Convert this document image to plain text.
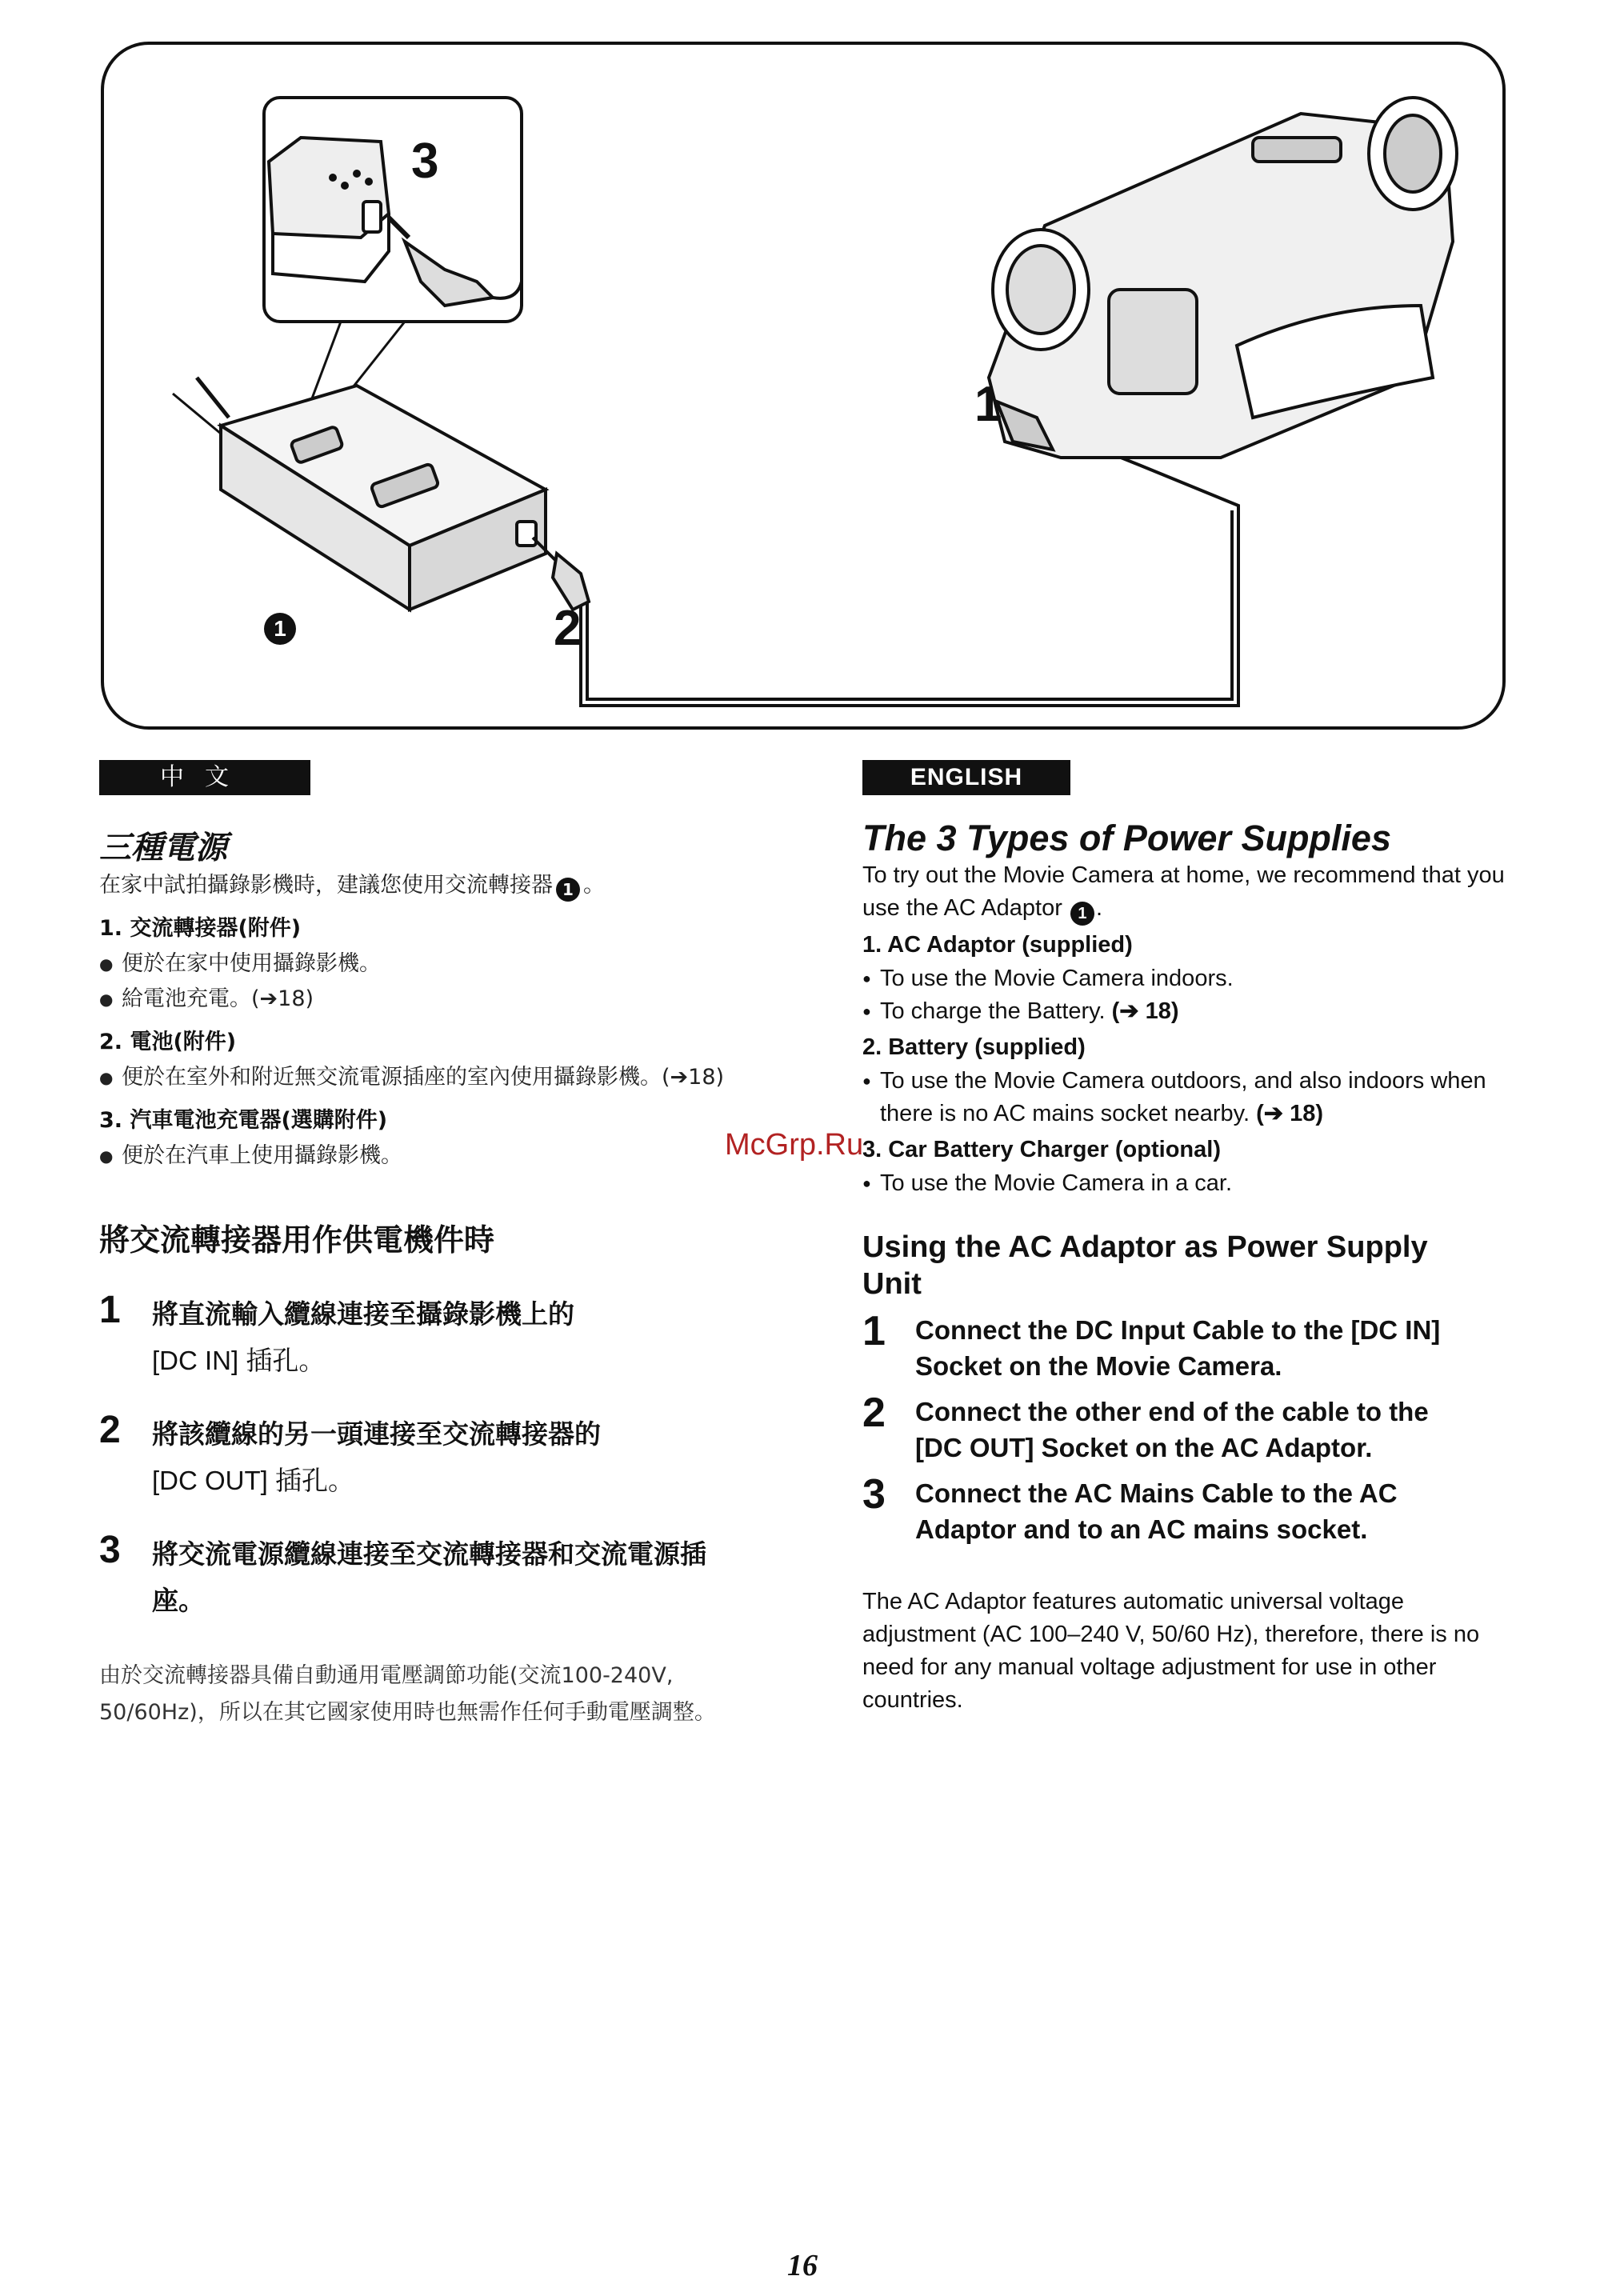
3
1
2
1
中文
三種電源
在家中試拍攝錄影機時，建議您使用交流轉接器 1 。
1. 交流轉接器(附件)
● 便於在家中使用攝錄影機。
● 給電池充電。(➔18)
2. 電池(附件)
● 便於在室外和附近無交流電源插座的室內使用攝錄影機。(➔18)
3. 汽車電池充電器(選購附件)
● 便於在汽車上使用攝錄影機。
將交流轉接器用作供電機件時
1	將直流輸入纜線連接至攝錄影機上的
[DC IN] 插孔。
2	將該纜線的另一頭連接至交流轉接器的
[DC OUT] 插孔。
3	將交流電源纜線連接至交流轉接器和交流電源插
座。
由於交流轉接器具備自動通用電壓調節功能(交流100-240V, 50/60Hz)，所以在其它國家使用時也無需作任何手動電壓調整。
ENGLISH
The 3 Types of Power Supplies
To try out the Movie Camera at home, we recommend that you use the AC Adaptor 1 .
1. AC Adaptor (supplied)
● To use the Movie Camera indoors.
● To charge the Battery. (➔ 18)
2. Battery (supplied)
● To use the Movie Camera outdoors, and also indoors when there is no AC mains socket nearby. (➔ 18)
3. Car Battery Charger (optional)
● To use the Movie Camera in a car.
Using the AC Adaptor as Power Supply Unit
1	Connect the DC Input Cable to the [DC IN] Socket on the Movie Camera.
2	Connect the other end of the cable to the [DC OUT] Socket on the AC Adaptor.
3	Connect the AC Mains Cable to the AC Adaptor and to an AC mains socket.
The AC Adaptor features automatic universal voltage adjustment (AC 100–240 V, 50/60 Hz), therefore, there is no need for any manual voltage adjustment for use in other countries.
McGrp.Ru
16
